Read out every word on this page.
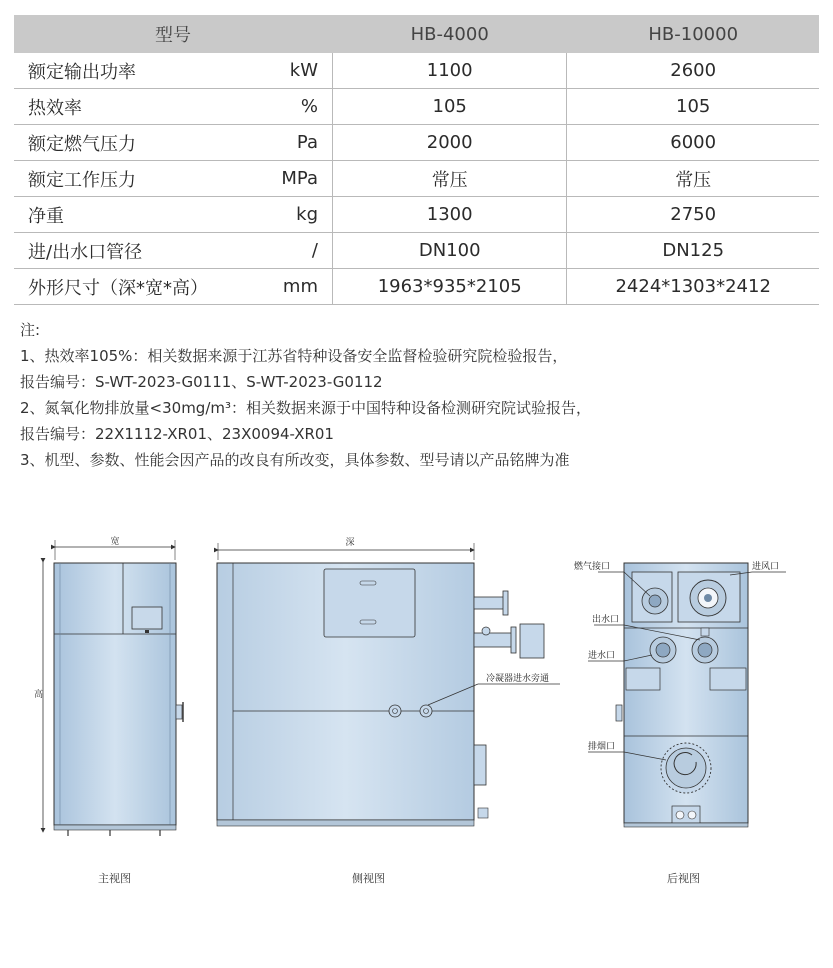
型号		HB-4000	HB-10000
额定输出功率	kW	1100	2600
热效率	%	105	105
额定燃气压力	Pa	2000	6000
额定工作压力	MPa	常压	常压
净重	kg	1300	2750
进/出水口管径	/	DN100	DN125
外形尺寸（深*宽*高）	mm	1963*935*2105	2424*1303*2412
注:
1、热效率105%：相关数据来源于江苏省特种设备安全监督检验研究院检验报告，
报告编号：S-WT-2023-G0111、S-WT-2023-G0112
2、氮氧化物排放量<30mg/m³：相关数据来源于中国特种设备检测研究院试验报告，
报告编号：22X1112-XR01、23X0094-XR01
3、机型、参数、性能会因产品的改良有所改变，具体参数、型号请以产品铭牌为准
宽
高
深
冷凝器进水旁通
燃气接口	进风口
出水口
进水口
排烟口
主视图	侧视图	后视图
